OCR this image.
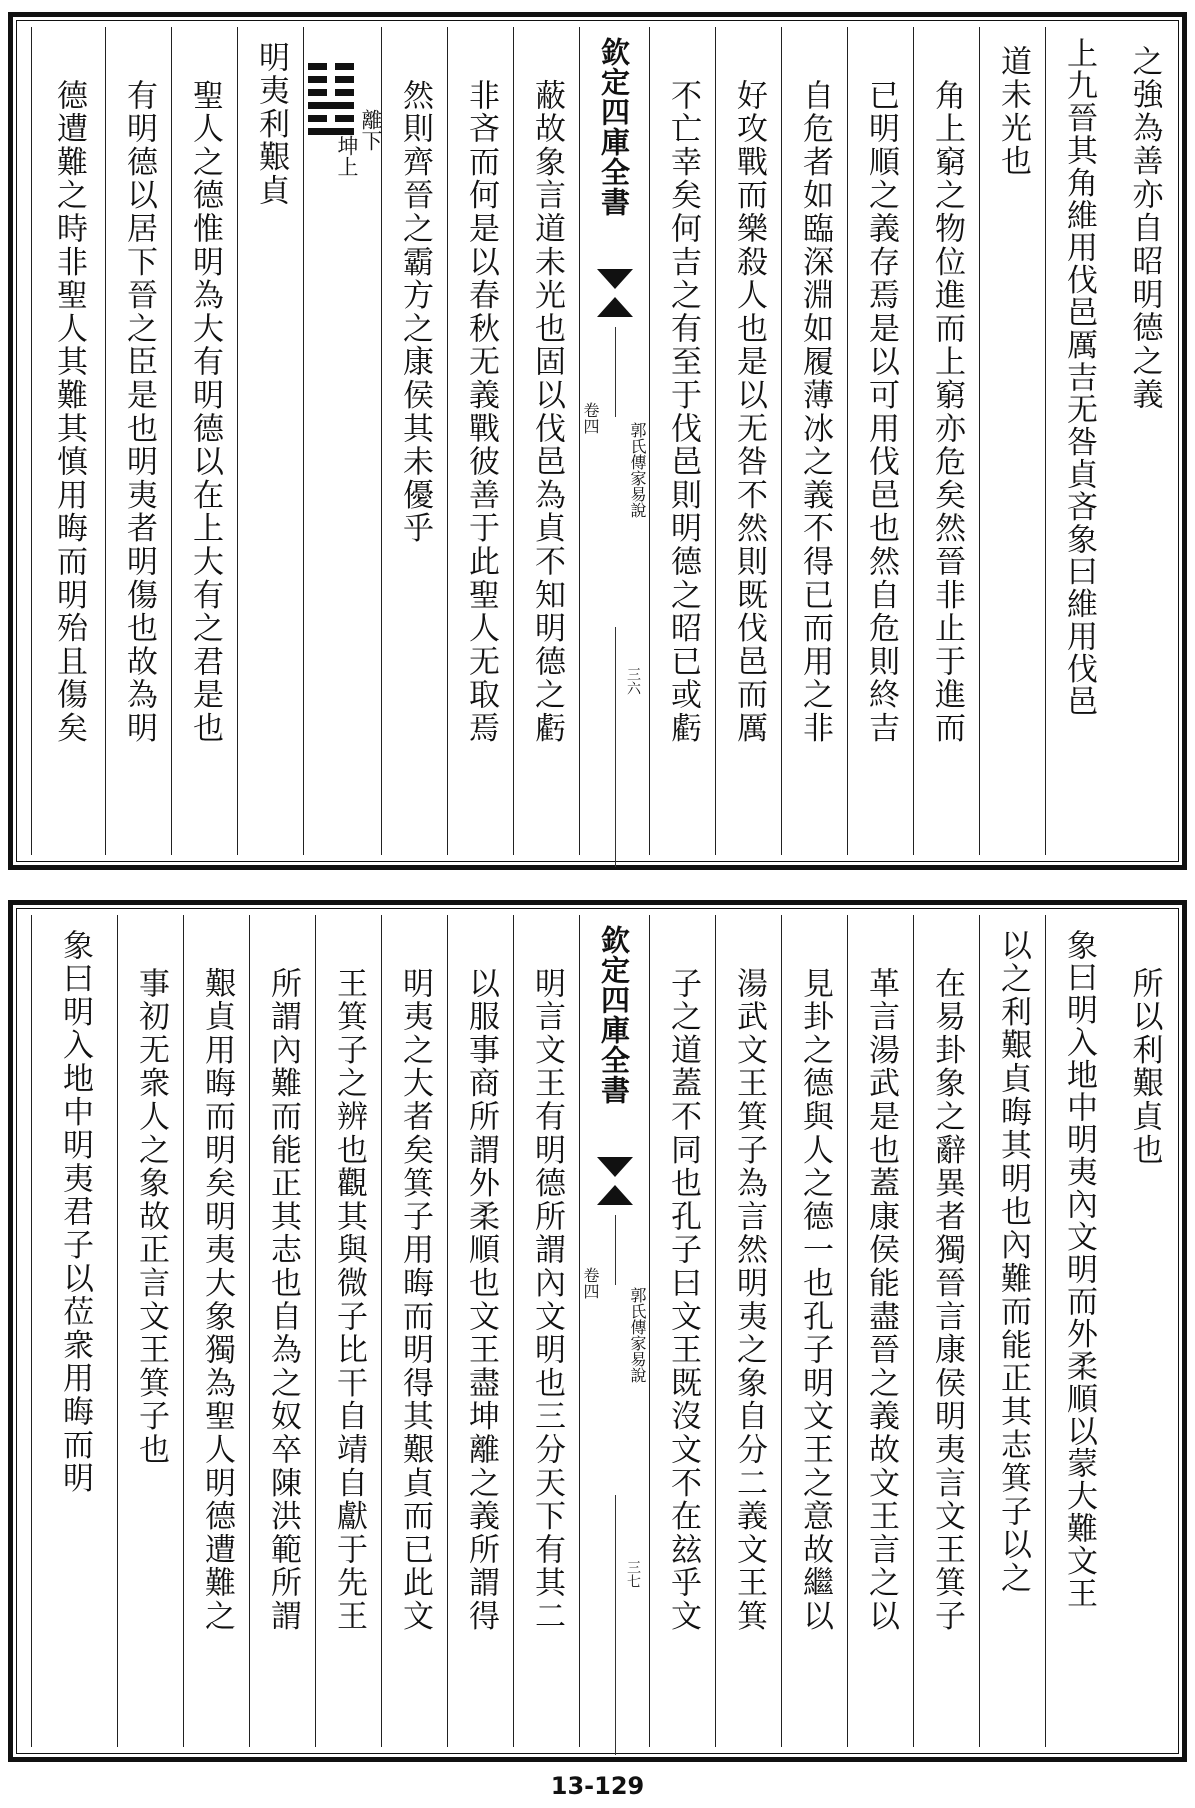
之強為善亦自昭明德之義
上九晉其角維用伐邑厲吉无咎貞吝象曰維用伐邑
道未光也
角上窮之物位進而上窮亦危矣然晉非止于進而
已明順之義存焉是以可用伐邑也然自危則終吉
自危者如臨深淵如履薄冰之義不得已而用之非
好攻戰而樂殺人也是以无咎不然則既伐邑而厲
不亡幸矣何吉之有至于伐邑則明德之昭已或虧
欽定四庫全書
卷四
郭氏傳家易說
三六
蔽故象言道未光也固以伐邑為貞不知明德之虧
非吝而何是以春秋无義戰彼善于此聖人无取焉
然則齊晉之霸方之康侯其未優乎
離下
坤上
明夷利艱貞
聖人之德惟明為大有明德以在上大有之君是也
有明德以居下晉之臣是也明夷者明傷也故為明
德遭難之時非聖人其難其慎用晦而明殆且傷矣
所以利艱貞也
象曰明入地中明夷內文明而外柔順以蒙大難文王
以之利艱貞晦其明也內難而能正其志箕子以之
在易卦象之辭異者獨晉言康侯明夷言文王箕子
革言湯武是也蓋康侯能盡晉之義故文王言之以
見卦之德與人之德一也孔子明文王之意故繼以
湯武文王箕子為言然明夷之象自分二義文王箕
子之道蓋不同也孔子曰文王既沒文不在玆乎文
欽定四庫全書
卷四
郭氏傳家易說
三七
明言文王有明德所謂內文明也三分天下有其二
以服事商所謂外柔順也文王盡坤離之義所謂得
明夷之大者矣箕子用晦而明得其艱貞而已此文
王箕子之辨也觀其與微子比干自靖自獻于先王
所謂內難而能正其志也自為之奴卒陳洪範所謂
艱貞用晦而明矣明夷大象獨為聖人明德遭難之
事初无衆人之象故正言文王箕子也
象曰明入地中明夷君子以莅衆用晦而明
13-129
